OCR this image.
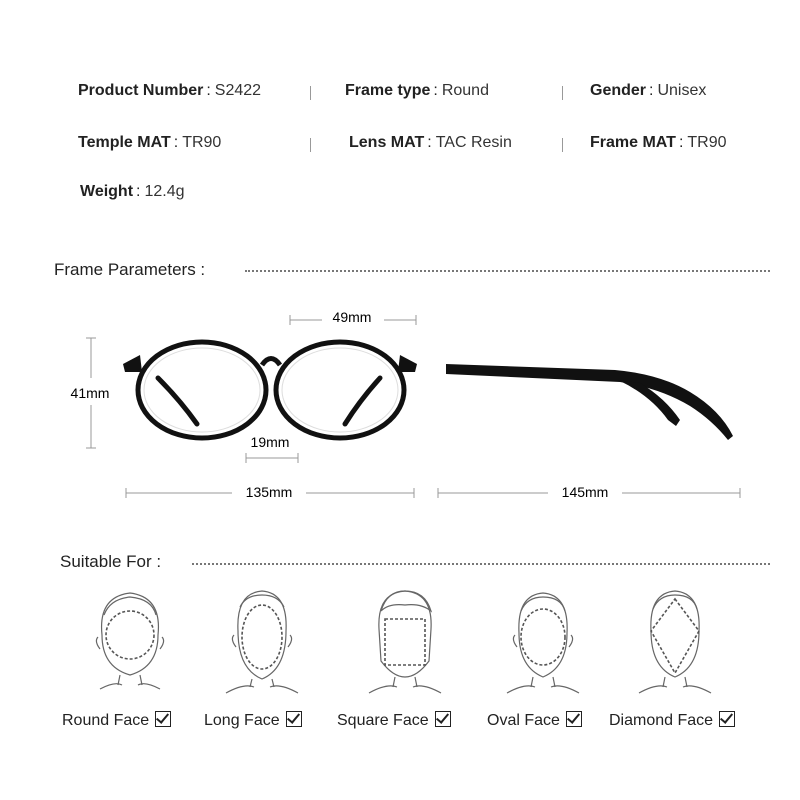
Product Number : S2422	Frame type : Round	Gender : Unisex
Temple MAT : TR90	Lens MAT : TAC Resin	Frame MAT : TR90
Weight : 12.4g
Frame Parameters :
49mm
41mm
19mm
135mm	145mm
Suitable For :
Round Face	Long Face	Square Face	Oval Face	Diamond Face
